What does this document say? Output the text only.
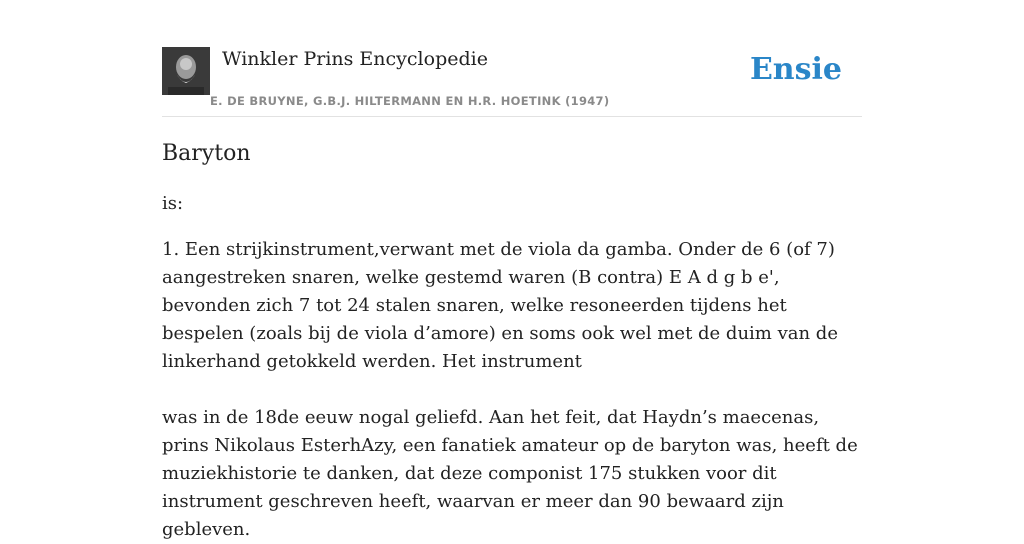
Winkler Prins Encyclopedie
E. DE BRUYNE, G.B.J. HILTERMANN EN H.R. HOETINK (1947)
Ensie
Baryton

is:

1. Een strijkinstrument,verwant met de viola da gamba. Onder de 6 (of 7) aangestreken snaren, welke gestemd waren (B contra) E A d g b e', bevonden zich 7 tot 24 stalen snaren, welke resoneerden tijdens het bespelen (zoals bij de viola d’amore) en soms ook wel met de duim van de linkerhand getokkeld werden. Het instrument

was in de 18de eeuw nogal geliefd. Aan het feit, dat Haydn’s maecenas, prins Nikolaus EsterhAzy, een fanatiek amateur op de baryton was, heeft de muziekhistorie te danken, dat deze componist 175 stukken voor dit instrument geschreven heeft, waarvan er meer dan 90 bewaard zijn gebleven.
